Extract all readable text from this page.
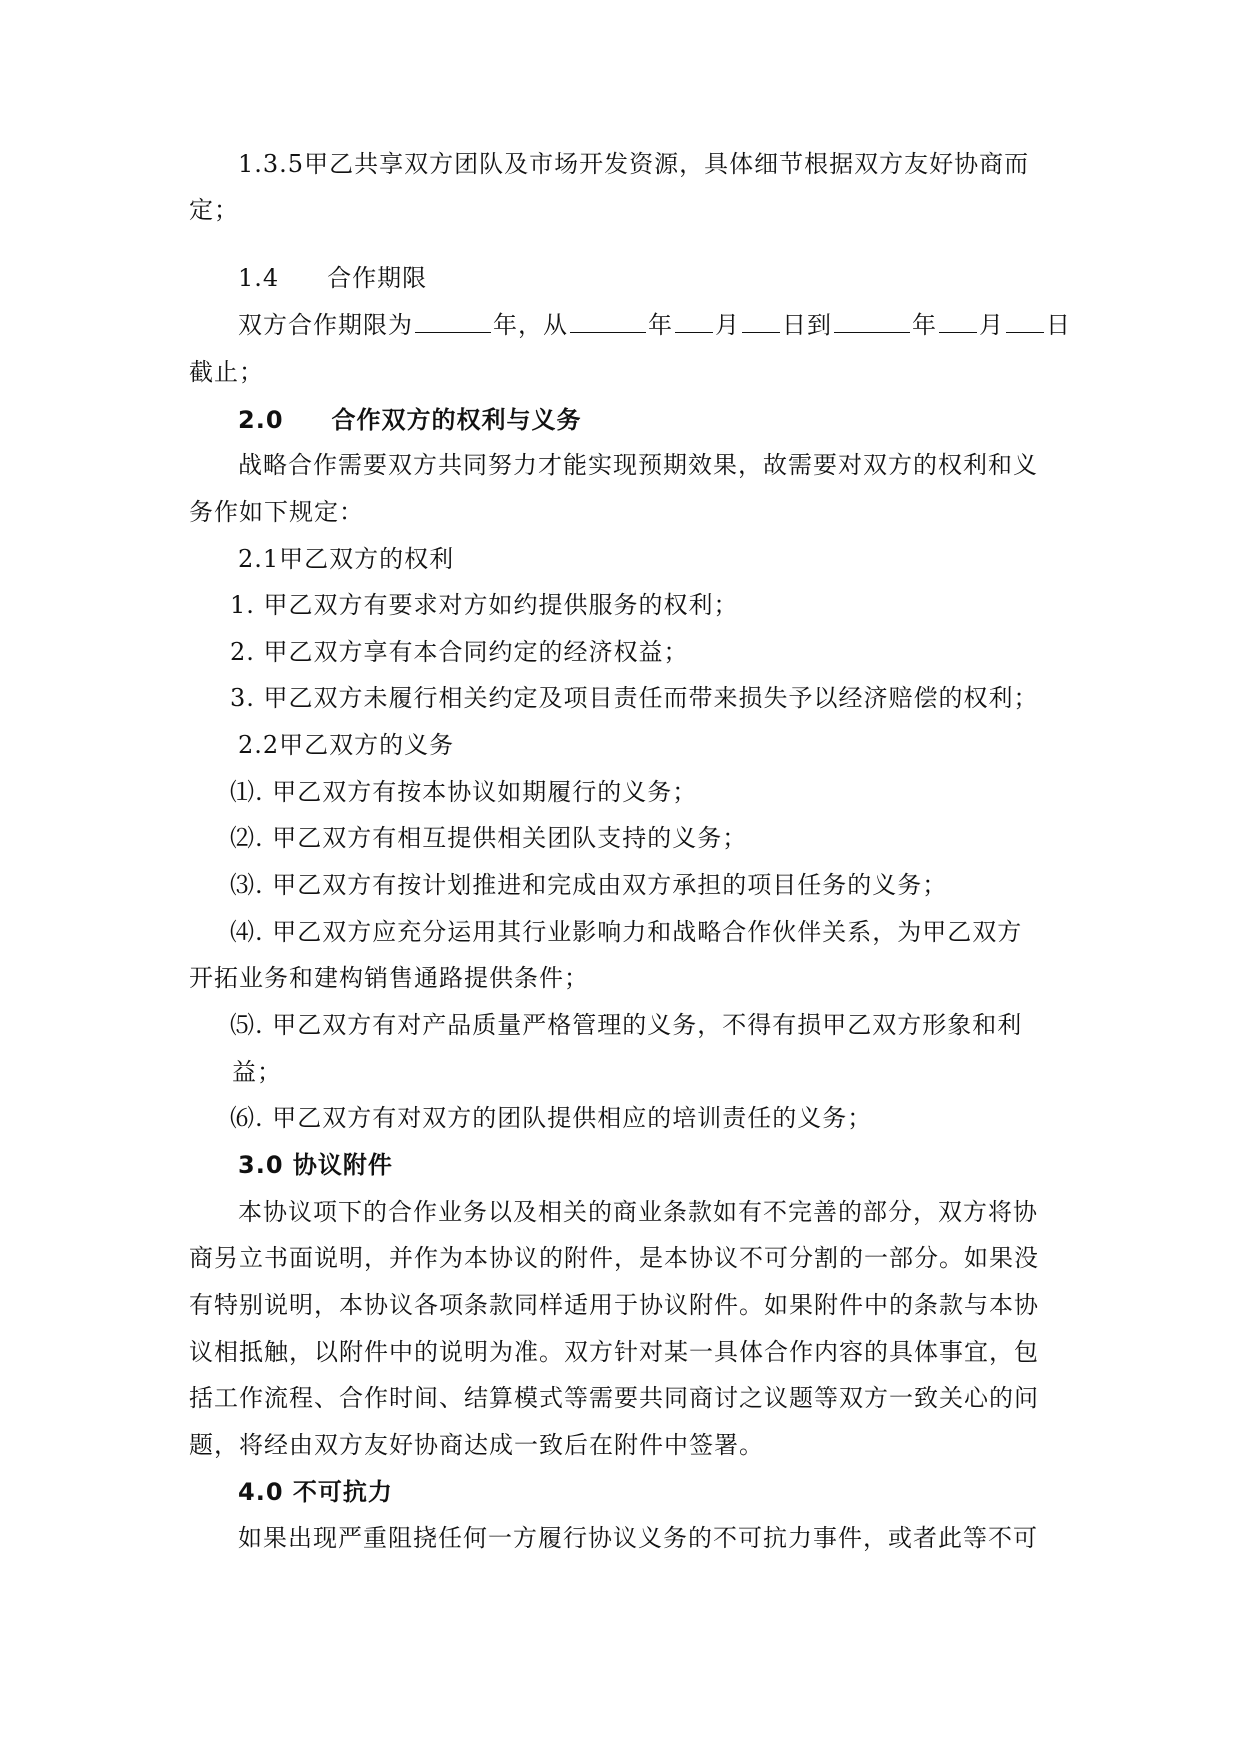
1.3.5甲乙共享双方团队及市场开发资源，具体细节根据双方友好协商而
定；
1.4 合作期限
双方合作期限为	年，从	年 月 日到	年 月 日
截止；
2.0 合作双方的权利与义务
战略合作需要双方共同努力才能实现预期效果，故需要对双方的权利和义
务作如下规定：
2.1甲乙双方的权利
1. 甲乙双方有要求对方如约提供服务的权利；
2. 甲乙双方享有本合同约定的经济权益；
3. 甲乙双方未履行相关约定及项目责任而带来损失予以经济赔偿的权利；
2.2甲乙双方的义务
⑴. 甲乙双方有按本协议如期履行的义务；
⑵. 甲乙双方有相互提供相关团队支持的义务；
⑶. 甲乙双方有按计划推进和完成由双方承担的项目任务的义务；
⑷. 甲乙双方应充分运用其行业影响力和战略合作伙伴关系，为甲乙双方
开拓业务和建构销售通路提供条件；
⑸. 甲乙双方有对产品质量严格管理的义务，不得有损甲乙双方形象和利
益；
⑹. 甲乙双方有对双方的团队提供相应的培训责任的义务；
3.0 协议附件
本协议项下的合作业务以及相关的商业条款如有不完善的部分，双方将协
商另立书面说明，并作为本协议的附件，是本协议不可分割的一部分。如果没
有特别说明，本协议各项条款同样适用于协议附件。如果附件中的条款与本协
议相抵触，以附件中的说明为准。双方针对某一具体合作内容的具体事宜，包
括工作流程、合作时间、结算模式等需要共同商讨之议题等双方一致关心的问
题，将经由双方友好协商达成一致后在附件中签署。
4.0 不可抗力
如果出现严重阻挠任何一方履行协议义务的不可抗力事件，或者此等不可
